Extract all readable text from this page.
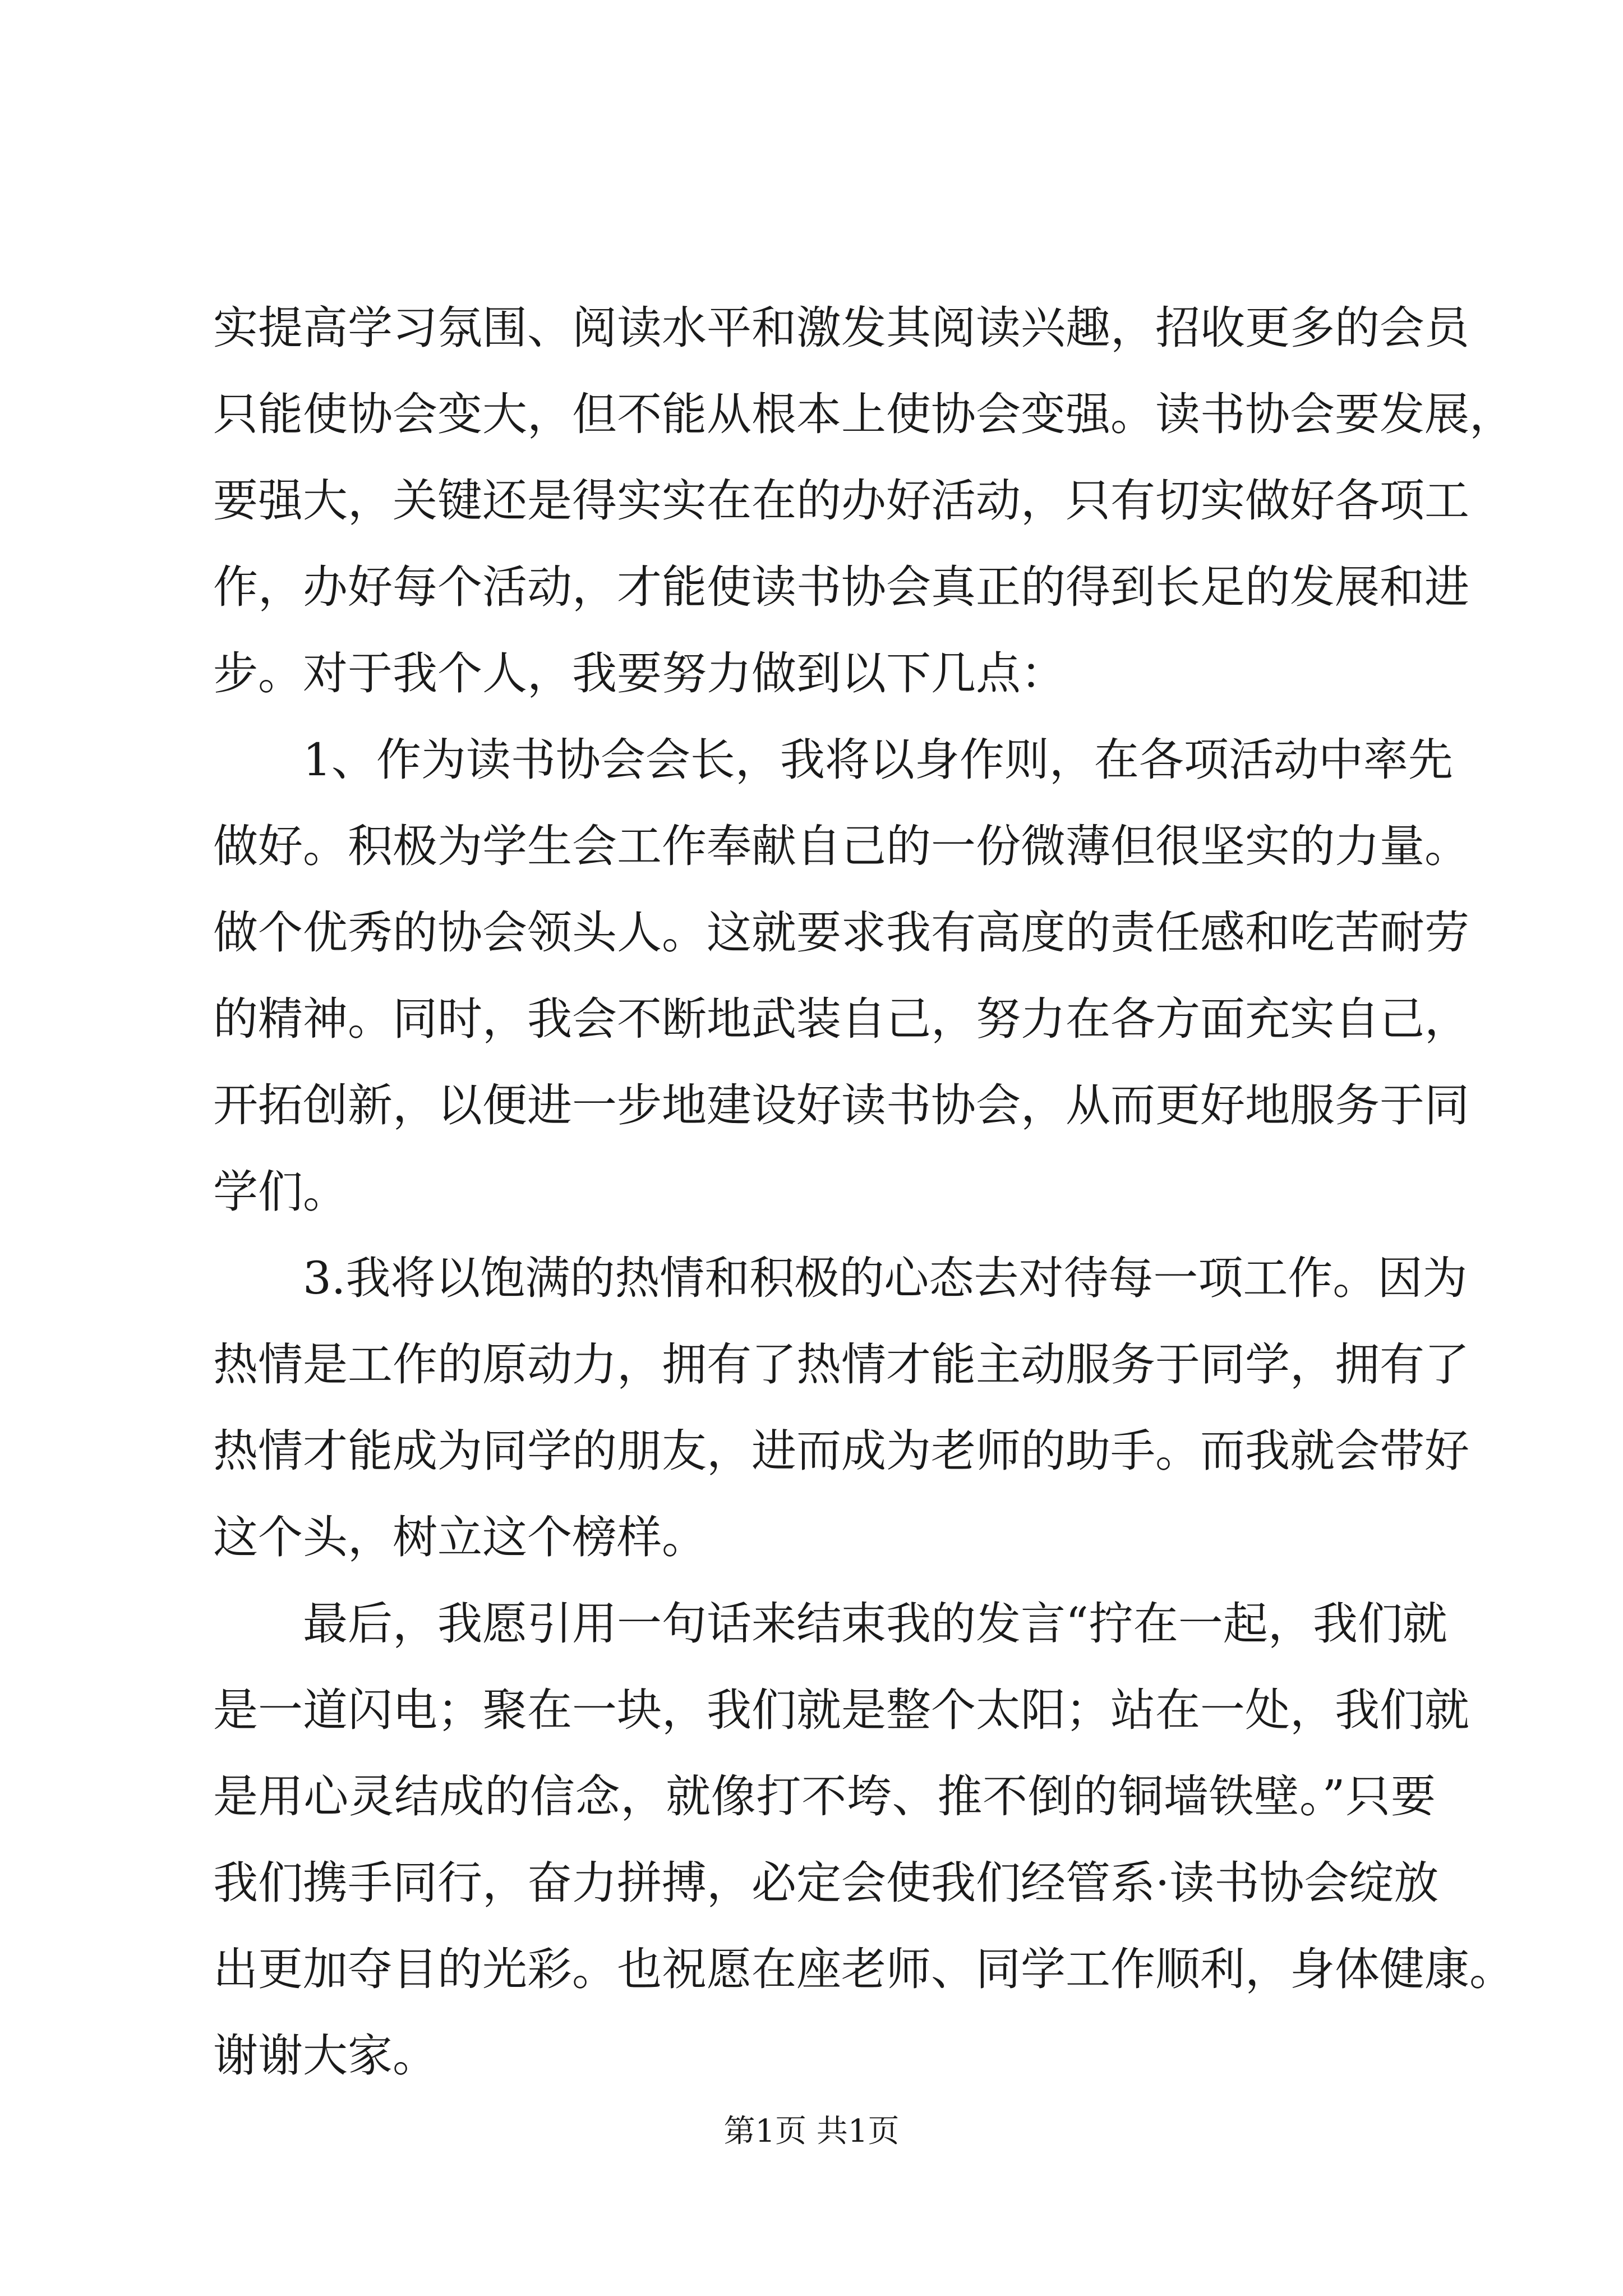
实提高学习氛围、阅读水平和激发其阅读兴趣，招收更多的会员
只能使协会变大，但不能从根本上使协会变强。读书协会要发展，
要强大，关键还是得实实在在的办好活动，只有切实做好各项工
作，办好每个活动，才能使读书协会真正的得到长足的发展和进
步。对于我个人，我要努力做到以下几点：
1、作为读书协会会长，我将以身作则，在各项活动中率先
做好。积极为学生会工作奉献自己的一份微薄但很坚实的力量。
做个优秀的协会领头人。这就要求我有高度的责任感和吃苦耐劳
的精神。同时，我会不断地武装自己，努力在各方面充实自己，
开拓创新，以便进一步地建设好读书协会，从而更好地服务于同
学们。
3.我将以饱满的热情和积极的心态去对待每一项工作。因为
热情是工作的原动力，拥有了热情才能主动服务于同学，拥有了
热情才能成为同学的朋友，进而成为老师的助手。而我就会带好
这个头，树立这个榜样。
最后，我愿引用一句话来结束我的发言“拧在一起，我们就
是一道闪电；聚在一块，我们就是整个太阳；站在一处，我们就
是用心灵结成的信念，就像打不垮、推不倒的铜墙铁壁。”只要
我们携手同行，奋力拼搏，必定会使我们经管系·读书协会绽放
出更加夺目的光彩。也祝愿在座老师、同学工作顺利，身体健康。
谢谢大家。
第1页 共1页
